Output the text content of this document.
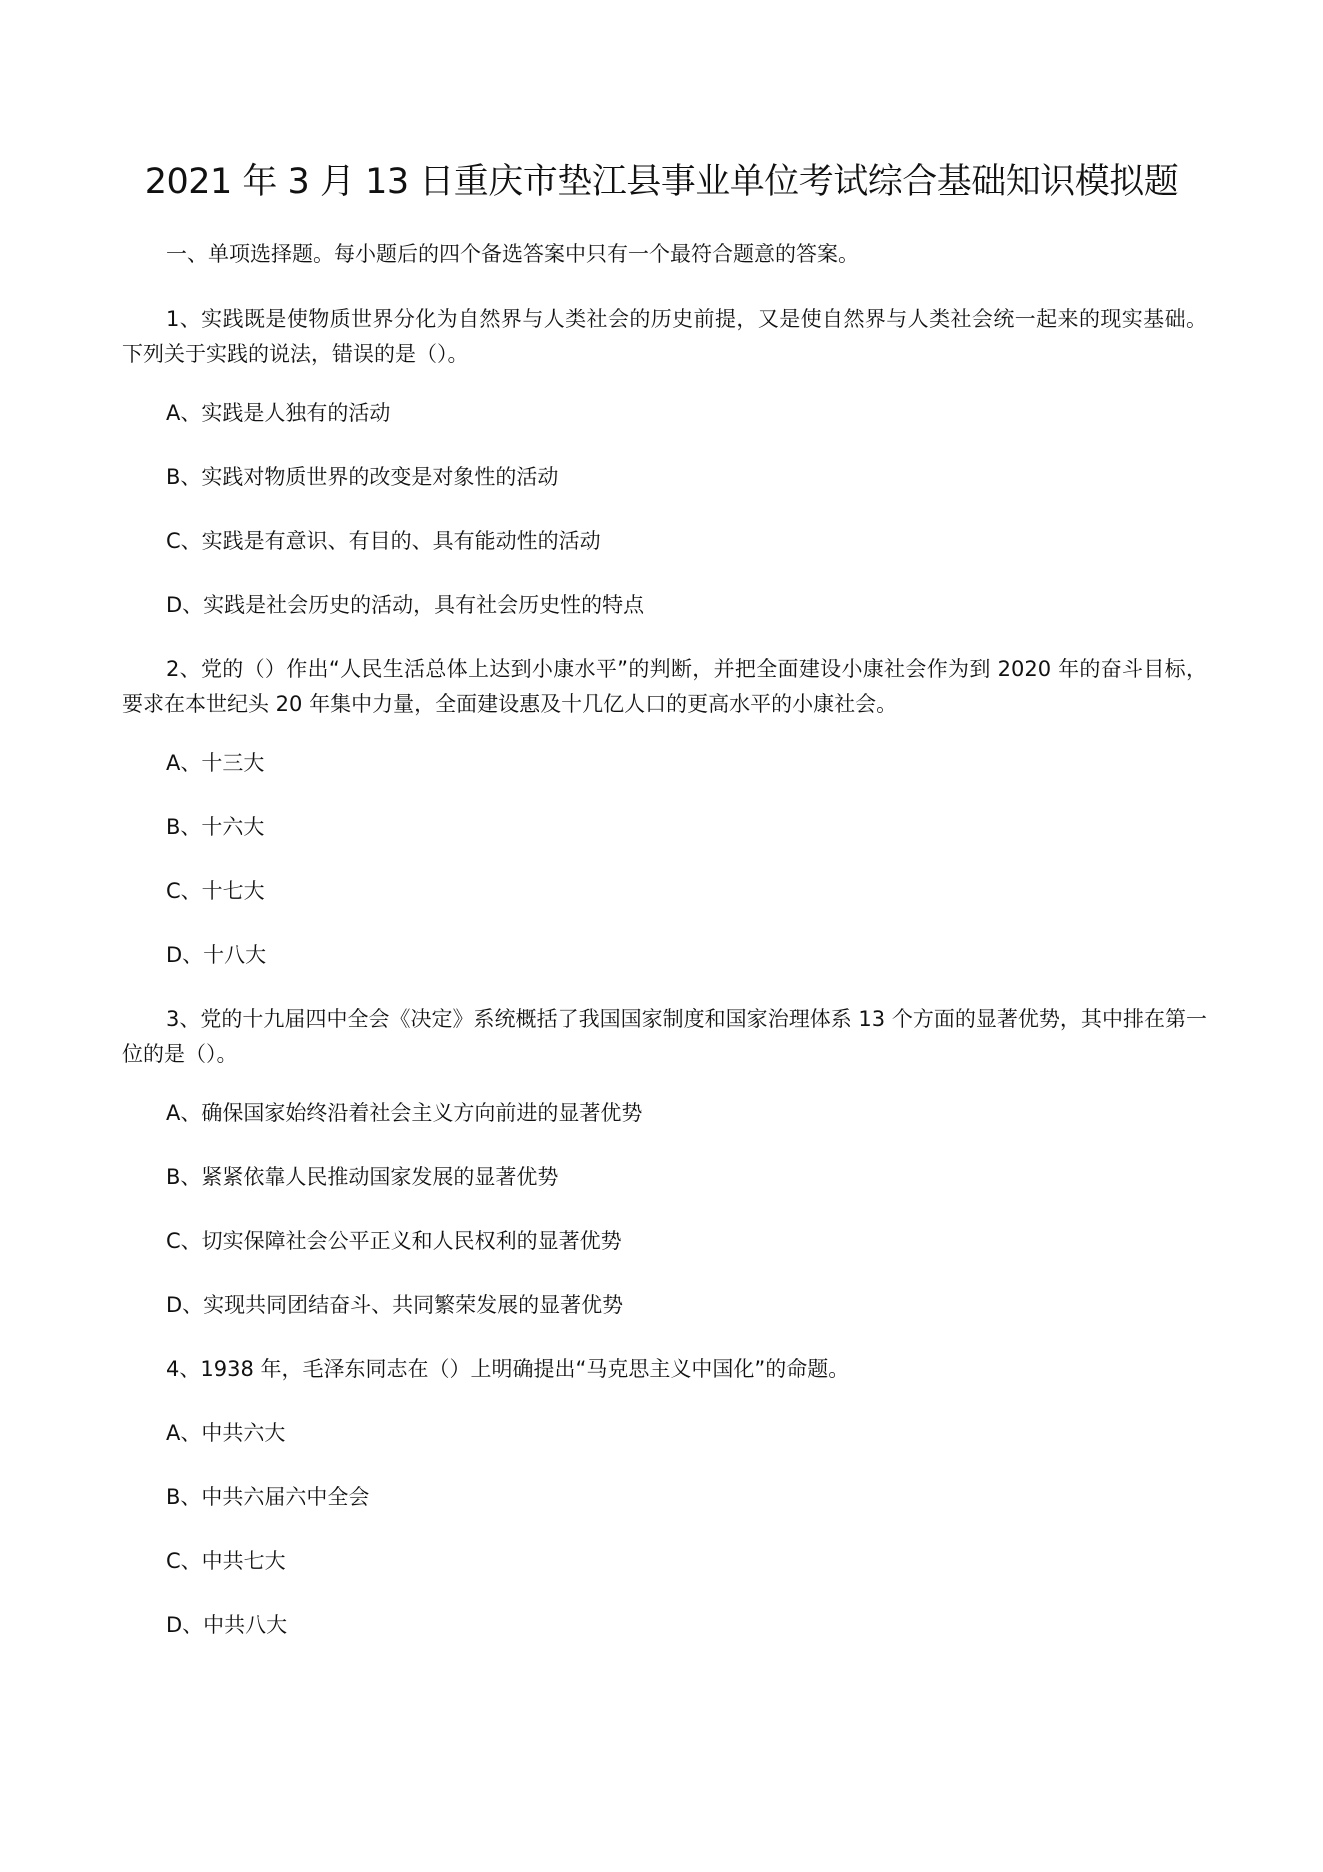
2021 年 3 月 13 日重庆市垫江县事业单位考试综合基础知识模拟题
一、单项选择题。每小题后的四个备选答案中只有一个最符合题意的答案。
1、实践既是使物质世界分化为自然界与人类社会的历史前提，又是使自然界与人类社会统一起来的现实基础。下列关于实践的说法，错误的是（）。
A、实践是人独有的活动
B、实践对物质世界的改变是对象性的活动
C、实践是有意识、有目的、具有能动性的活动
D、实践是社会历史的活动，具有社会历史性的特点
2、党的（）作出“人民生活总体上达到小康水平”的判断，并把全面建设小康社会作为到 2020 年的奋斗目标，要求在本世纪头 20 年集中力量，全面建设惠及十几亿人口的更高水平的小康社会。
A、十三大
B、十六大
C、十七大
D、十八大
3、党的十九届四中全会《决定》系统概括了我国国家制度和国家治理体系 13 个方面的显著优势，其中排在第一位的是（）。
A、确保国家始终沿着社会主义方向前进的显著优势
B、紧紧依靠人民推动国家发展的显著优势
C、切实保障社会公平正义和人民权利的显著优势
D、实现共同团结奋斗、共同繁荣发展的显著优势
4、1938 年，毛泽东同志在（）上明确提出“马克思主义中国化”的命题。
A、中共六大
B、中共六届六中全会
C、中共七大
D、中共八大
